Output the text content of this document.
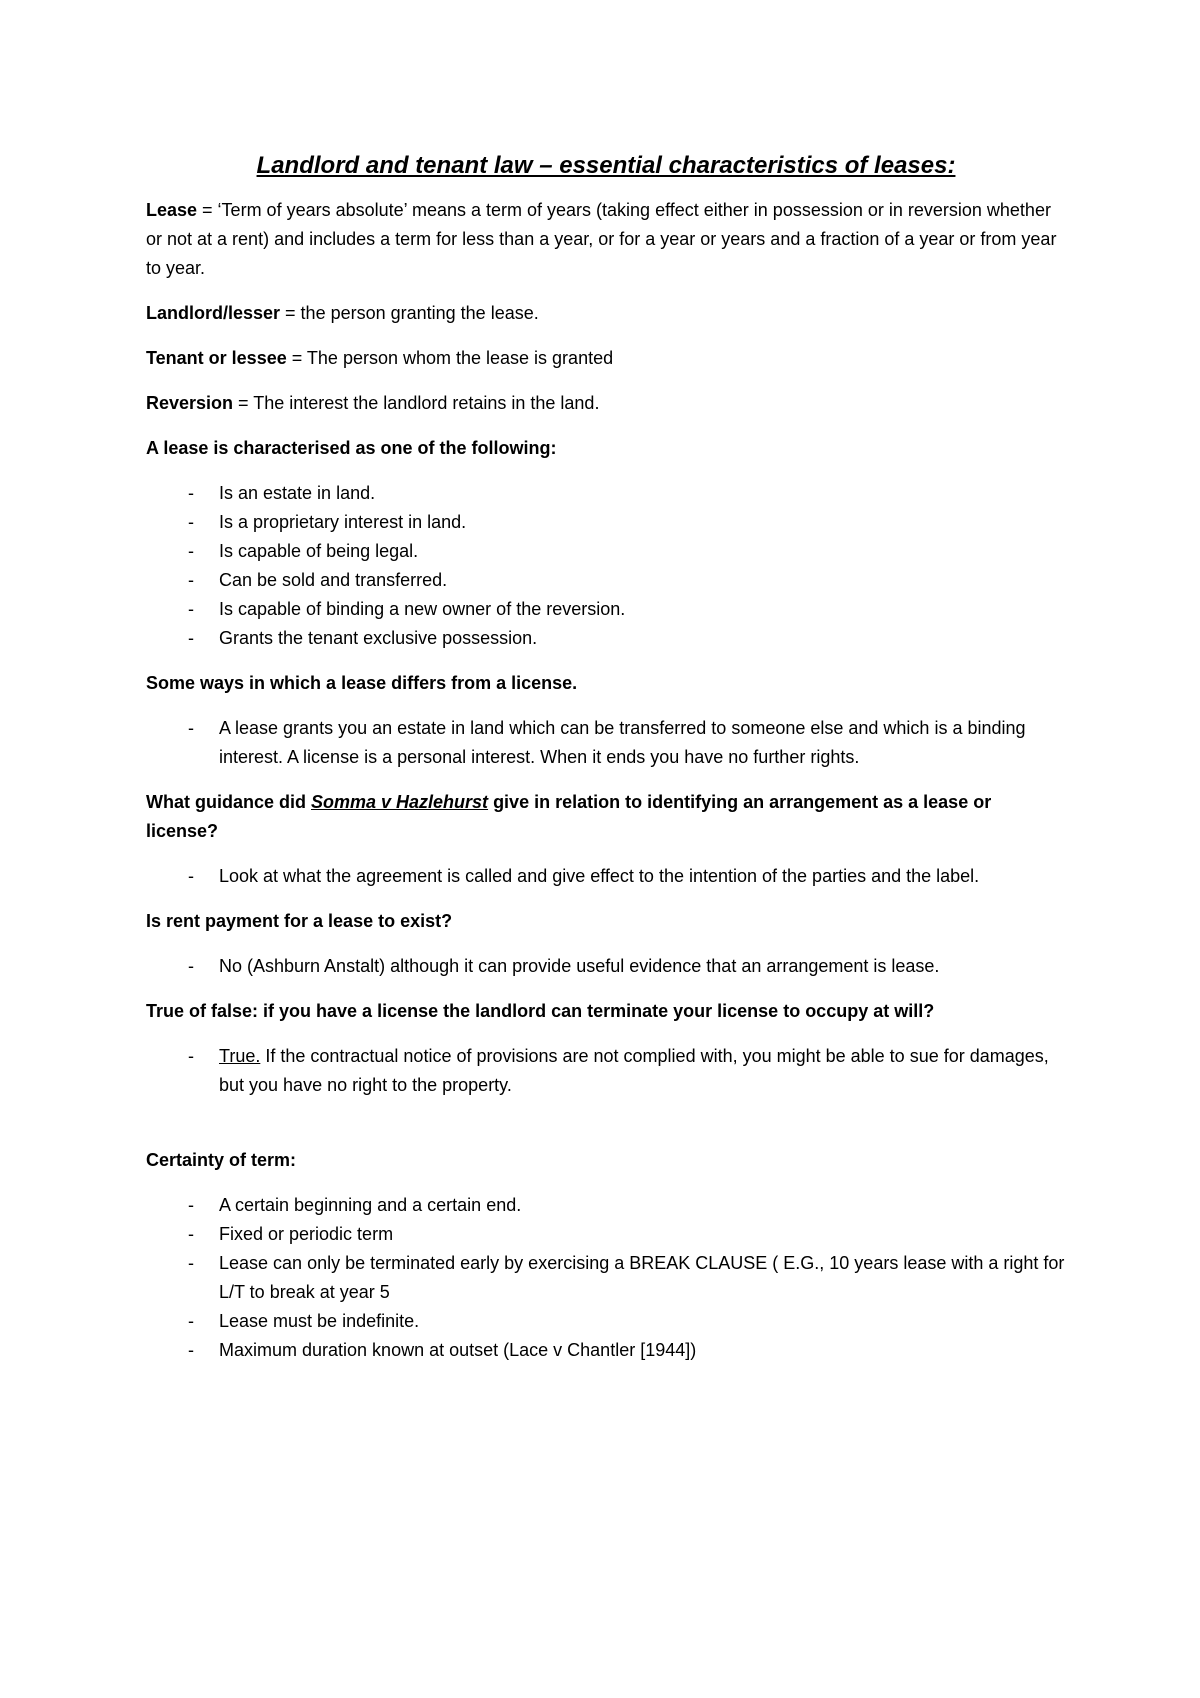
Landlord and tenant law – essential characteristics of leases:

Lease = ‘Term of years absolute’ means a term of years (taking effect either in possession or in reversion whether or not at a rent) and includes a term for less than a year, or for a year or years and a fraction of a year or from year to year.

Landlord/lesser = the person granting the lease.

Tenant or lessee = The person whom the lease is granted

Reversion = The interest the landlord retains in the land.

A lease is characterised as one of the following:

- Is an estate in land.
- Is a proprietary interest in land.
- Is capable of being legal.
- Can be sold and transferred.
- Is capable of binding a new owner of the reversion.
- Grants the tenant exclusive possession.

Some ways in which a lease differs from a license.

- A lease grants you an estate in land which can be transferred to someone else and which is a binding interest. A license is a personal interest. When it ends you have no further rights.

What guidance did Somma v Hazlehurst give in relation to identifying an arrangement as a lease or license?

- Look at what the agreement is called and give effect to the intention of the parties and the label.

Is rent payment for a lease to exist?

- No (Ashburn Anstalt) although it can provide useful evidence that an arrangement is lease.

True of false: if you have a license the landlord can terminate your license to occupy at will?

- True. If the contractual notice of provisions are not complied with, you might be able to sue for damages, but you have no right to the property.

Certainty of term:

- A certain beginning and a certain end.
- Fixed or periodic term
- Lease can only be terminated early by exercising a BREAK CLAUSE ( E.G., 10 years lease with a right for L/T to break at year 5
- Lease must be indefinite.
- Maximum duration known at outset (Lace v Chantler [1944])
